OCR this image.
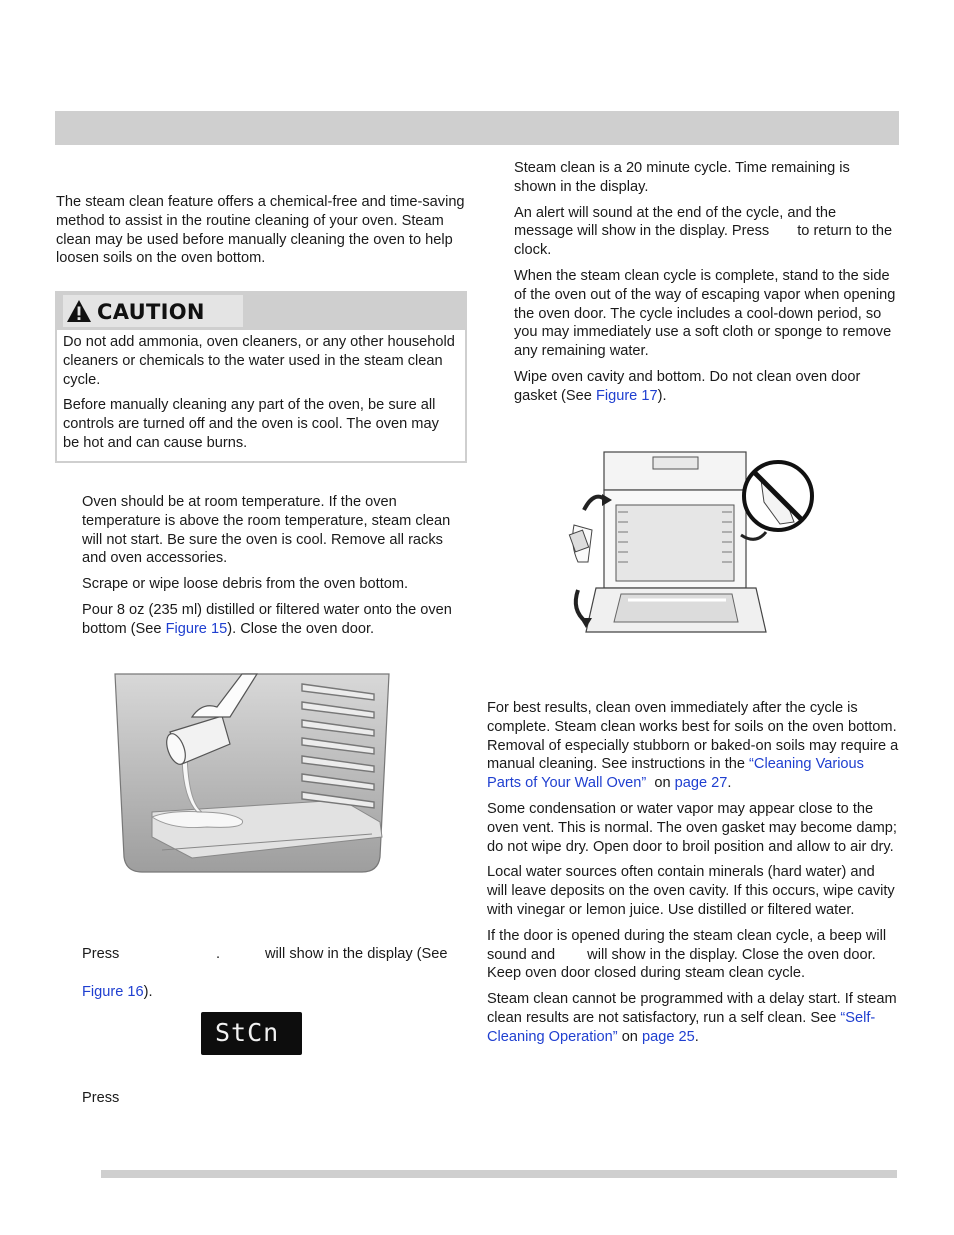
The steam clean feature offers a chemical-free and time-saving method to assist in the routine cleaning of your oven. Steam clean may be used before manually cleaning the oven to help loosen soils on the oven bottom.

CAUTION

Do not add ammonia, oven cleaners, or any other household cleaners or chemicals to the water used in the steam clean cycle.

Before manually cleaning any part of the oven, be sure all controls are turned off and the oven is cool. The oven may be hot and can cause burns.

Oven should be at room temperature. If the oven temperature is above the room temperature, steam clean will not start. Be sure the oven is cool. Remove all racks and oven accessories.

Scrape or wipe loose debris from the oven bottom.

Pour 8 oz (235 ml) distilled or filtered water onto the oven bottom (See Figure 15). Close the oven door.

Press	.	will show in the display (See
Figure 16).
StCn
Press

Steam clean is a 20 minute cycle. Time remaining is shown in the display.

An alert will sound at the end of the cycle, and the message will show in the display. Press to return to the clock.

When the steam clean cycle is complete, stand to the side of the oven out of the way of escaping vapor when opening the oven door. The cycle includes a cool-down period, so you may immediately use a soft cloth or sponge to remove any remaining water.

Wipe oven cavity and bottom. Do not clean oven door gasket (See Figure 17).

For best results, clean oven immediately after the cycle is complete. Steam clean works best for soils on the oven bottom. Removal of especially stubborn or baked-on soils may require a manual cleaning. See instructions in the “Cleaning Various Parts of Your Wall Oven” on page 27.

Some condensation or water vapor may appear close to the oven vent. This is normal. The oven gasket may become damp; do not wipe dry. Open door to broil position and allow to air dry.

Local water sources often contain minerals (hard water) and will leave deposits on the oven cavity. If this occurs, wipe cavity with vinegar or lemon juice. Use distilled or filtered water.

If the door is opened during the steam clean cycle, a beep will sound and will show in the display. Close the oven door. Keep oven door closed during steam clean cycle.

Steam clean cannot be programmed with a delay start. If steam clean results are not satisfactory, run a self clean. See “Self-Cleaning Operation” on page 25.
